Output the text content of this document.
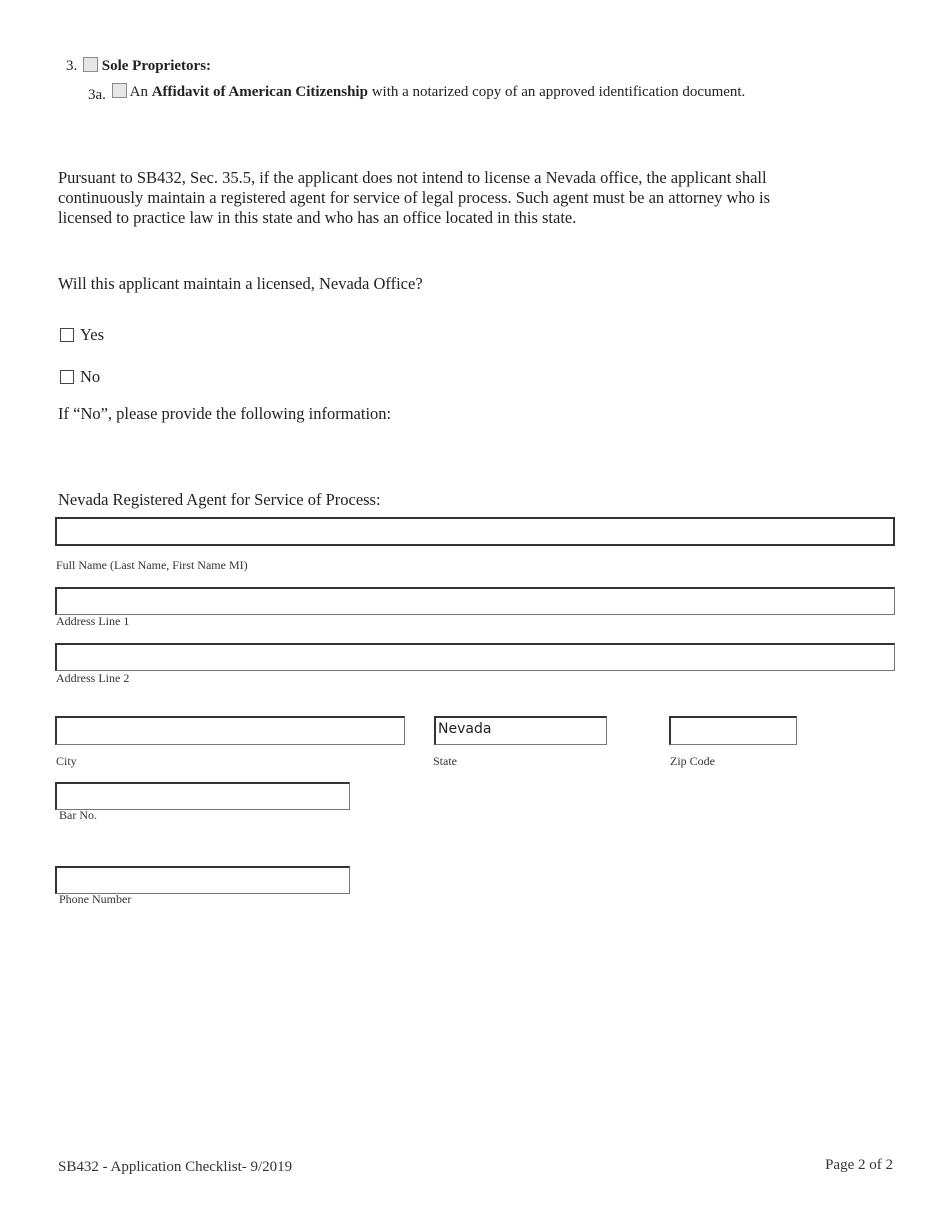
3. Sole Proprietors:
3a. An Affidavit of American Citizenship with a notarized copy of an approved identification document.
Pursuant to SB432, Sec. 35.5, if the applicant does not intend to license a Nevada office, the applicant shall continuously maintain a registered agent for service of legal process. Such agent must be an attorney who is licensed to practice law in this state and who has an office located in this state.
Will this applicant maintain a licensed, Nevada Office?
Yes
No
If “No”, please provide the following information:
Nevada Registered Agent for Service of Process:
Full Name (Last Name, First Name MI)
Address Line 1
Address Line 2
City
Nevada
State	Zip Code
Bar No.
Phone Number
SB432 - Application Checklist- 9/2019	Page 2 of 2
